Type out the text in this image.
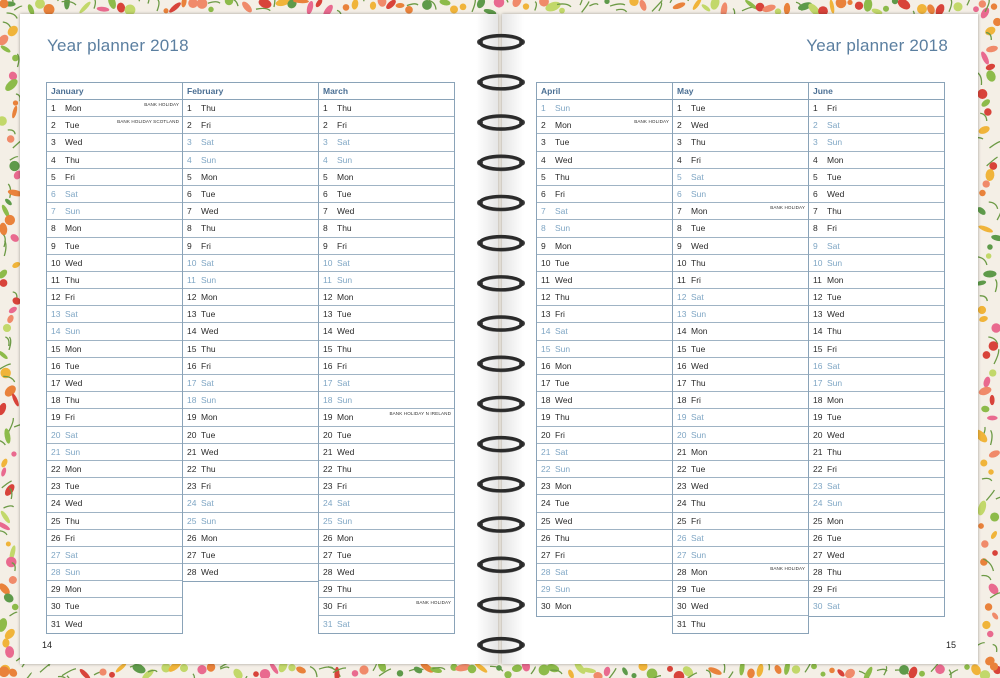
Year planner 2018
January
1 Mon	BANK HOLIDAY
2 Tue	BANK HOLIDAY SCOTLAND
3 Wed
4 Thu
5 Fri
6 Sat
7 Sun
8 Mon
9 Tue
10 Wed
11 Thu
12 Fri
13 Sat
14 Sun
15 Mon
16 Tue
17 Wed
18 Thu
19 Fri
20 Sat
21 Sun
22 Mon
23 Tue
24 Wed
25 Thu
26 Fri
27 Sat
28 Sun
29 Mon
30 Tue
31 Wed
February
1 Thu
2 Fri
3 Sat
4 Sun
5 Mon
6 Tue
7 Wed
8 Thu
9 Fri
10 Sat
11 Sun
12 Mon
13 Tue
14 Wed
15 Thu
16 Fri
17 Sat
18 Sun
19 Mon
20 Tue
21 Wed
22 Thu
23 Fri
24 Sat
25 Sun
26 Mon
27 Tue
28 Wed
March
1 Thu
2 Fri
3 Sat
4 Sun
5 Mon
6 Tue
7 Wed
8 Thu
9 Fri
10 Sat
11 Sun
12 Mon
13 Tue
14 Wed
15 Thu
16 Fri
17 Sat
18 Sun
19 Mon	BANK HOLIDAY N IRELAND
20 Tue
21 Wed
22 Thu
23 Fri
24 Sat
25 Sun
26 Mon
27 Tue
28 Wed
29 Thu
30 Fri	BANK HOLIDAY
31 Sat
14
Year planner 2018
April
1 Sun
2 Mon	BANK HOLIDAY
3 Tue
4 Wed
5 Thu
6 Fri
7 Sat
8 Sun
9 Mon
10 Tue
11 Wed
12 Thu
13 Fri
14 Sat
15 Sun
16 Mon
17 Tue
18 Wed
19 Thu
20 Fri
21 Sat
22 Sun
23 Mon
24 Tue
25 Wed
26 Thu
27 Fri
28 Sat
29 Sun
30 Mon
May
1 Tue
2 Wed
3 Thu
4 Fri
5 Sat
6 Sun
7 Mon	BANK HOLIDAY
8 Tue
9 Wed
10 Thu
11 Fri
12 Sat
13 Sun
14 Mon
15 Tue
16 Wed
17 Thu
18 Fri
19 Sat
20 Sun
21 Mon
22 Tue
23 Wed
24 Thu
25 Fri
26 Sat
27 Sun
28 Mon	BANK HOLIDAY
29 Tue
30 Wed
31 Thu
June
1 Fri
2 Sat
3 Sun
4 Mon
5 Tue
6 Wed
7 Thu
8 Fri
9 Sat
10 Sun
11 Mon
12 Tue
13 Wed
14 Thu
15 Fri
16 Sat
17 Sun
18 Mon
19 Tue
20 Wed
21 Thu
22 Fri
23 Sat
24 Sun
25 Mon
26 Tue
27 Wed
28 Thu
29 Fri
30 Sat
15
